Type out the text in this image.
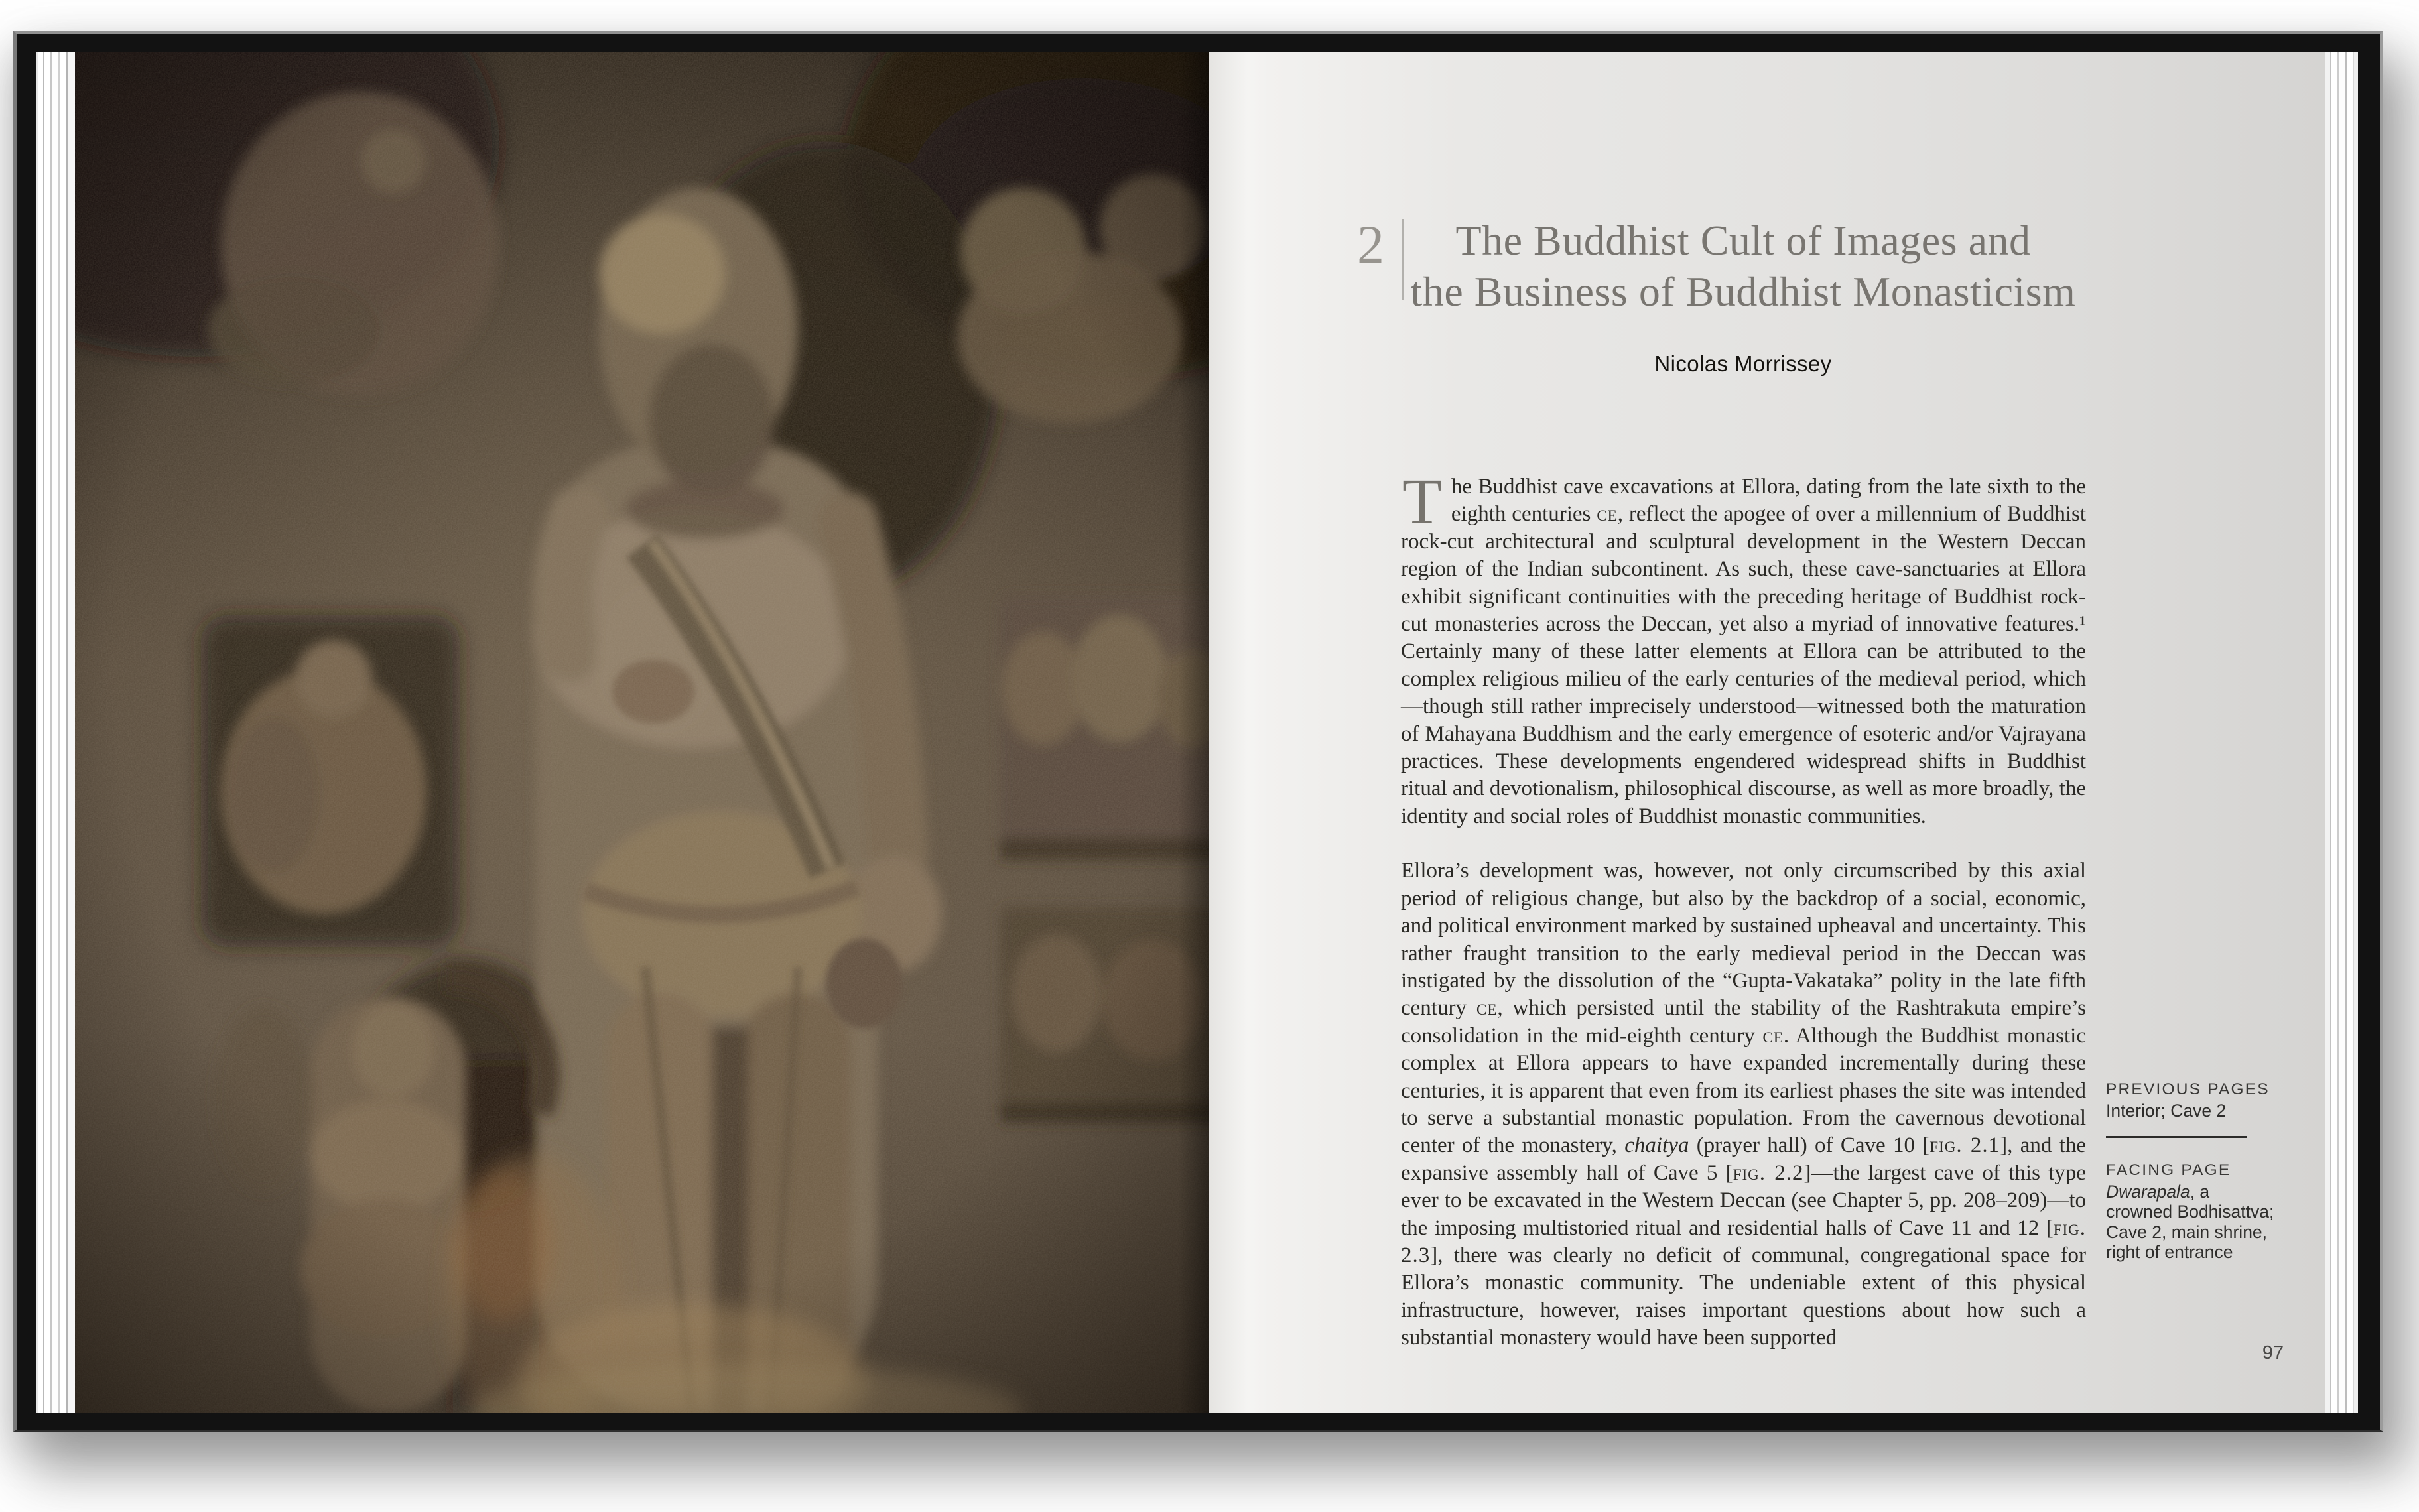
2	The Buddhist Cult of Images and
the Business of Buddhist Monasticism
Nicolas Morrissey

The Buddhist cave excavations at Ellora, dating from the late sixth to the eighth centuries ce, reflect the apogee of over a millennium of Buddhist rock-cut architectural and sculptural development in the Western Deccan region of the Indian subcontinent. As such, these cave-sanctuaries at Ellora exhibit significant continuities with the preceding heritage of Buddhist rock-cut monasteries across the Deccan, yet also a myriad of innovative features.¹ Certainly many of these latter elements at Ellora can be attributed to the complex religious milieu of the early centuries of the medieval period, which—though still rather imprecisely understood—witnessed both the maturation of Mahayana Buddhism and the early emergence of esoteric and/or Vajrayana practices. These developments engendered widespread shifts in Buddhist ritual and devotionalism, philosophical discourse, as well as more broadly, the identity and social roles of Buddhist monastic communities.

Ellora’s development was, however, not only circumscribed by this axial period of religious change, but also by the backdrop of a social, economic, and political environment marked by sustained upheaval and uncertainty. This rather fraught transition to the early medieval period in the Deccan was instigated by the dissolution of the “Gupta-Vakataka” polity in the late fifth century ce, which persisted until the stability of the Rashtrakuta empire’s consolidation in the mid-eighth century ce. Although the Buddhist monastic complex at Ellora appears to have expanded incrementally during these centuries, it is apparent that even from its earliest phases the site was intended to serve a substantial monastic population. From the cavernous devotional center of the monastery, chaitya (prayer hall) of Cave 10 [fig. 2.1], and the expansive assembly hall of Cave 5 [fig. 2.2]—the largest cave of this type ever to be excavated in the Western Deccan (see Chapter 5, pp. 208–209)—to the imposing multistoried ritual and residential halls of Cave 11 and 12 [fig. 2.3], there was clearly no deficit of communal, congregational space for Ellora’s monastic community. The undeniable extent of this physical infrastructure, however, raises important questions about how such a substantial monastery would have been supported

PREVIOUS PAGES
Interior; Cave 2
FACING PAGE
Dwarapala, a crowned Bodhisattva; Cave 2, main shrine, right of entrance
97
